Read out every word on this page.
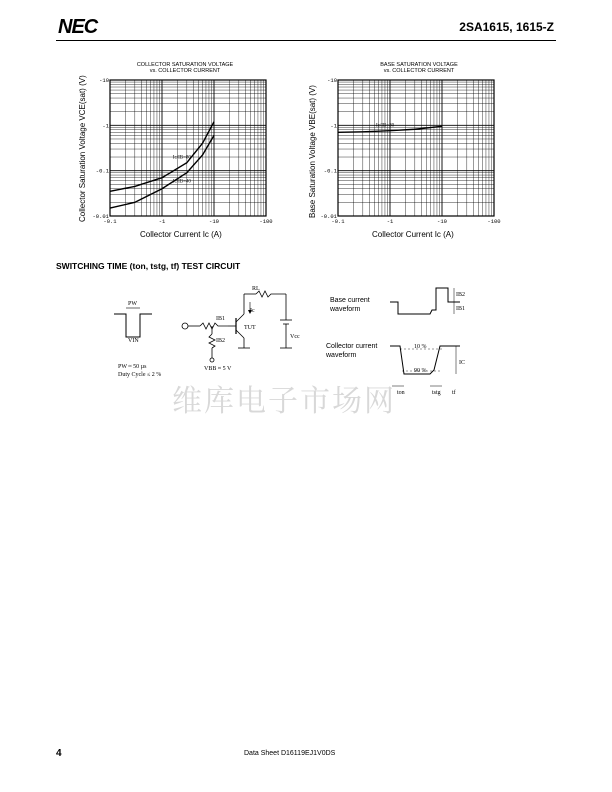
NEC	2SA1615, 1615-Z
COLLECTOR SATURATION VOLTAGE
vs. COLLECTOR CURRENT
-0.1	-1	-10	-100
-10
-1
-0.1
-0.01
Ic/IB=80
Ic/IB=40
Collector Saturation Voltage VCE(sat) (V)
Collector Current Ic (A)
BASE SATURATION VOLTAGE
vs. COLLECTOR CURRENT
-0.1	-1	-10	-100
-10
-1
-0.1
-0.01
Ic/IB=80
Base Saturation Voltage VBE(sat) (V)
Collector Current Ic (A)
SWITCHING TIME (ton, tstg, tf) TEST CIRCUIT
PW
VIN
PW ≈ 50 µs
Duty Cycle ≤ 2 %
IB1
IB2
Ic
RL
TUT
Vcc
VBB ≈ 5 V
Base current
waveform
Collector current
waveform
IB2
IB1
IC
10 %
90 %
ton	tstg tf
维库电子市场网
4	Data Sheet D16119EJ1V0DS
